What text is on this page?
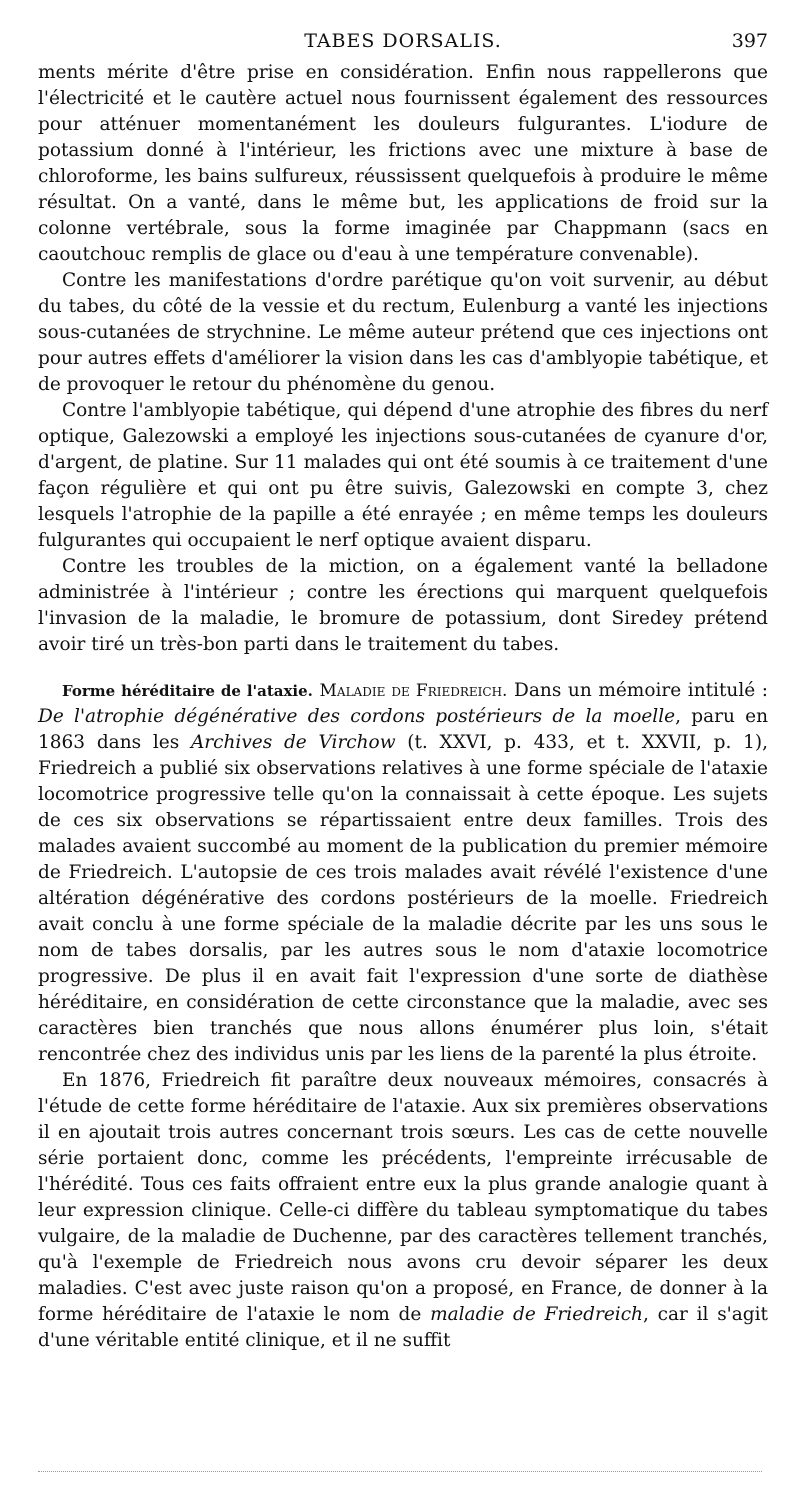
TABES DORSALIS.	397

ments mérite d'être prise en considération. Enfin nous rappellerons que l'électricité et le cautère actuel nous fournissent également des ressources pour atténuer momentanément les douleurs fulgurantes. L'iodure de potassium donné à l'intérieur, les frictions avec une mixture à base de chloroforme, les bains sulfureux, réussissent quelquefois à produire le même résultat. On a vanté, dans le même but, les applications de froid sur la colonne vertébrale, sous la forme imaginée par Chappmann (sacs en caoutchouc remplis de glace ou d'eau à une température convenable).

Contre les manifestations d'ordre parétique qu'on voit survenir, au début du tabes, du côté de la vessie et du rectum, Eulenburg a vanté les injections sous-cutanées de strychnine. Le même auteur prétend que ces injections ont pour autres effets d'améliorer la vision dans les cas d'amblyopie tabétique, et de provoquer le retour du phénomène du genou.

Contre l'amblyopie tabétique, qui dépend d'une atrophie des fibres du nerf optique, Galezowski a employé les injections sous-cutanées de cyanure d'or, d'argent, de platine. Sur 11 malades qui ont été soumis à ce traitement d'une façon régulière et qui ont pu être suivis, Galezowski en compte 3, chez lesquels l'atrophie de la papille a été enrayée ; en même temps les douleurs fulgurantes qui occupaient le nerf optique avaient disparu.

Contre les troubles de la miction, on a également vanté la belladone administrée à l'intérieur ; contre les érections qui marquent quelquefois l'invasion de la maladie, le bromure de potassium, dont Siredey prétend avoir tiré un très-bon parti dans le traitement du tabes.

Forme héréditaire de l'ataxie. Maladie de Friedreich. Dans un mémoire intitulé : De l'atrophie dégénérative des cordons postérieurs de la moelle, paru en 1863 dans les Archives de Virchow (t. XXVI, p. 433, et t. XXVII, p. 1), Friedreich a publié six observations relatives à une forme spéciale de l'ataxie locomotrice progressive telle qu'on la connaissait à cette époque. Les sujets de ces six observations se répartissaient entre deux familles. Trois des malades avaient succombé au moment de la publication du premier mémoire de Friedreich. L'autopsie de ces trois malades avait révélé l'existence d'une altération dégénérative des cordons postérieurs de la moelle. Friedreich avait conclu à une forme spéciale de la maladie décrite par les uns sous le nom de tabes dorsalis, par les autres sous le nom d'ataxie locomotrice progressive. De plus il en avait fait l'expression d'une sorte de diathèse héréditaire, en considération de cette circonstance que la maladie, avec ses caractères bien tranchés que nous allons énumérer plus loin, s'était rencontrée chez des individus unis par les liens de la parenté la plus étroite.

En 1876, Friedreich fit paraître deux nouveaux mémoires, consacrés à l'étude de cette forme héréditaire de l'ataxie. Aux six premières observations il en ajoutait trois autres concernant trois sœurs. Les cas de cette nouvelle série portaient donc, comme les précédents, l'empreinte irrécusable de l'hérédité. Tous ces faits offraient entre eux la plus grande analogie quant à leur expression clinique. Celle-ci diffère du tableau symptomatique du tabes vulgaire, de la maladie de Duchenne, par des caractères tellement tranchés, qu'à l'exemple de Friedreich nous avons cru devoir séparer les deux maladies. C'est avec juste raison qu'on a proposé, en France, de donner à la forme héréditaire de l'ataxie le nom de maladie de Friedreich, car il s'agit d'une véritable entité clinique, et il ne suffit
